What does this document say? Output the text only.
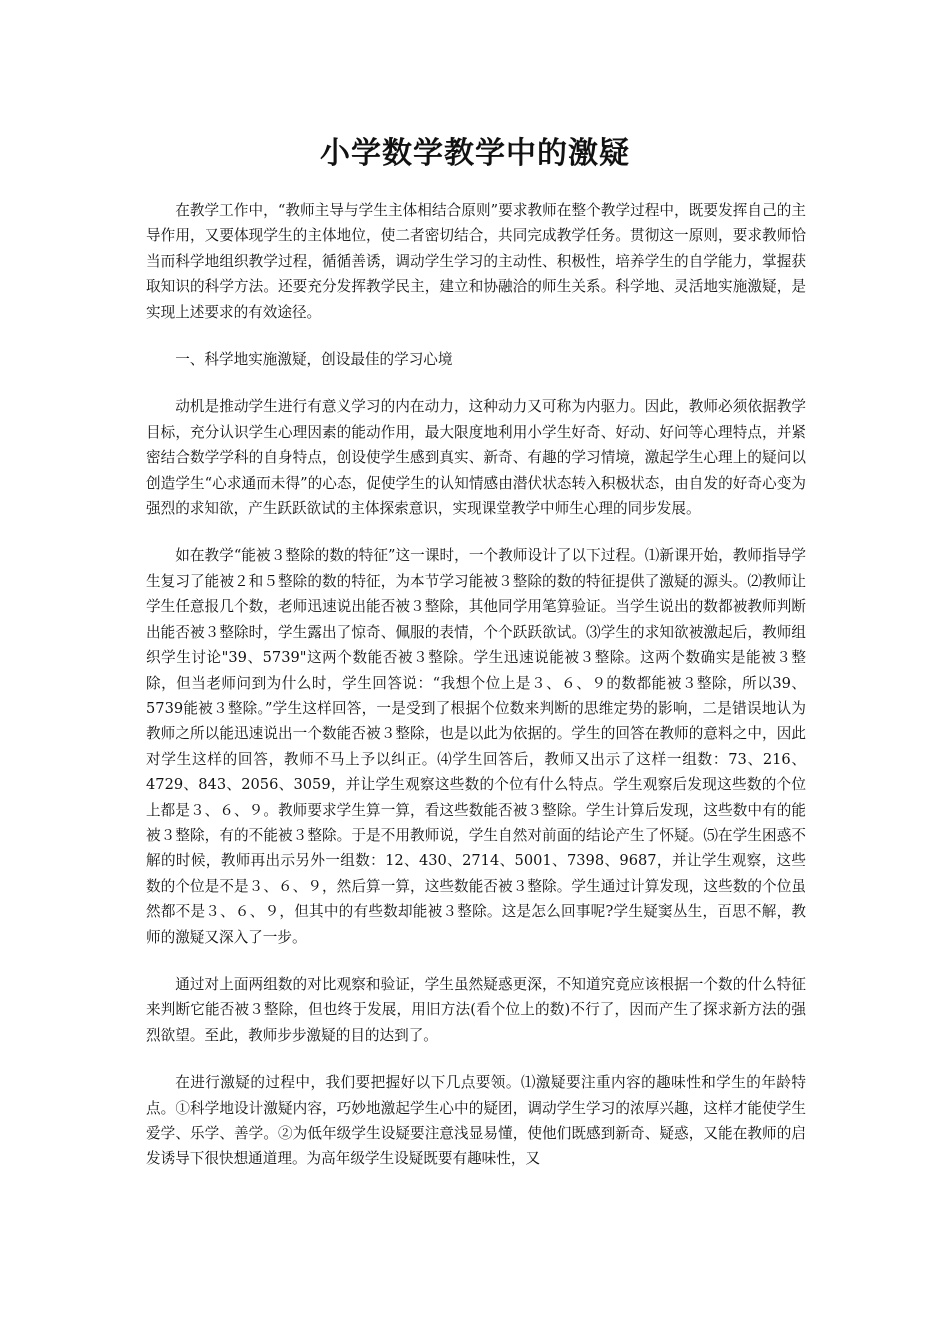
小学数学教学中的激疑

在教学工作中，“教师主导与学生主体相结合原则”要求教师在整个教学过程中，既要发挥自己的主导作用，又要体现学生的主体地位，使二者密切结合，共同完成教学任务。贯彻这一原则，要求教师恰当而科学地组织教学过程，循循善诱，调动学生学习的主动性、积极性，培养学生的自学能力，掌握获取知识的科学方法。还要充分发挥教学民主，建立和协融洽的师生关系。科学地、灵活地实施激疑，是实现上述要求的有效途径。

一、科学地实施激疑，创设最佳的学习心境

动机是推动学生进行有意义学习的内在动力，这种动力又可称为内驱力。因此，教师必须依据教学目标，充分认识学生心理因素的能动作用，最大限度地利用小学生好奇、好动、好问等心理特点，并紧密结合数学学科的自身特点，创设使学生感到真实、新奇、有趣的学习情境，激起学生心理上的疑问以创造学生“心求通而未得”的心态，促使学生的认知情感由潜伏状态转入积极状态，由自发的好奇心变为强烈的求知欲，产生跃跃欲试的主体探索意识，实现课堂教学中师生心理的同步发展。

如在教学“能被３整除的数的特征”这一课时，一个教师设计了以下过程。⑴新课开始，教师指导学生复习了能被２和５整除的数的特征，为本节学习能被３整除的数的特征提供了激疑的源头。⑵教师让学生任意报几个数，老师迅速说出能否被３整除，其他同学用笔算验证。当学生说出的数都被教师判断出能否被３整除时，学生露出了惊奇、佩服的表情，个个跃跃欲试。⑶学生的求知欲被激起后，教师组织学生讨论"39、5739"这两个数能否被３整除。学生迅速说能被３整除。这两个数确实是能被３整除，但当老师问到为什么时，学生回答说：“我想个位上是３、６、９的数都能被３整除，所以39、5739能被３整除。”学生这样回答，一是受到了根据个位数来判断的思维定势的影响，二是错误地认为教师之所以能迅速说出一个数能否被３整除，也是以此为依据的。学生的回答在教师的意料之中，因此对学生这样的回答，教师不马上予以纠正。⑷学生回答后，教师又出示了这样一组数：73、216、4729、843、2056、3059，并让学生观察这些数的个位有什么特点。学生观察后发现这些数的个位上都是３、６、９。教师要求学生算一算，看这些数能否被３整除。学生计算后发现，这些数中有的能被３整除，有的不能被３整除。于是不用教师说，学生自然对前面的结论产生了怀疑。⑸在学生困惑不解的时候，教师再出示另外一组数：12、430、2714、5001、7398、9687，并让学生观察，这些数的个位是不是３、６、９，然后算一算，这些数能否被３整除。学生通过计算发现，这些数的个位虽然都不是３、６、９，但其中的有些数却能被３整除。这是怎么回事呢?学生疑窦丛生，百思不解，教师的激疑又深入了一步。

通过对上面两组数的对比观察和验证，学生虽然疑惑更深，不知道究竟应该根据一个数的什么特征来判断它能否被３整除，但也终于发展，用旧方法(看个位上的数)不行了，因而产生了探求新方法的强烈欲望。至此，教师步步激疑的目的达到了。

在进行激疑的过程中，我们要把握好以下几点要领。⑴激疑要注重内容的趣味性和学生的年龄特点。①科学地设计激疑内容，巧妙地激起学生心中的疑团，调动学生学习的浓厚兴趣，这样才能使学生爱学、乐学、善学。②为低年级学生设疑要注意浅显易懂，使他们既感到新奇、疑惑，又能在教师的启发诱导下很快想通道理。为高年级学生设疑既要有趣味性，又
